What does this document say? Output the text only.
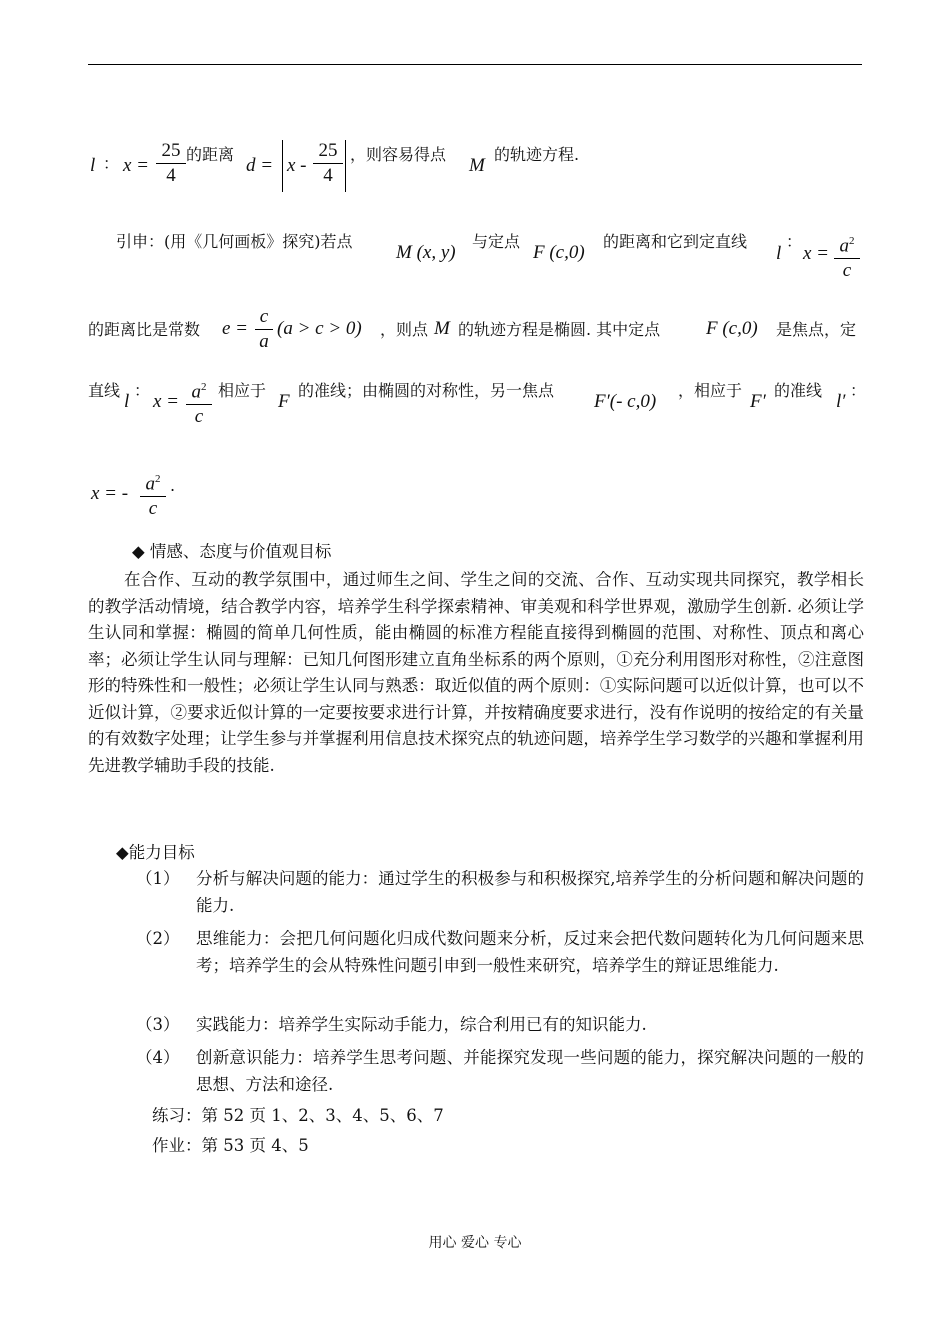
l ： x =
25
4
的距离
d = x -
25
4
，则容易得点
M
的轨迹方程.
引申：(用《几何画板》探究)若点
M (x, y)
与定点
F (c,0)
的距离和它到定直线
l
：
$x = a^2$
c
的距离比是常数 e =
c
a
(a > c > 0) ，则点 M 的轨迹方程是椭圆. 其中定点 F (c,0) 是焦点，定
直线
l
：
$x = a^2$
c
相应于
F
的准线；由椭圆的对称性，另一焦点
F′(- c,0)
，相应于
F′
的准线
l′
：
x = - $a^2$
c
.
◆ 情感、态度与价值观目标
在合作、互动的教学氛围中，通过师生之间、学生之间的交流、合作、互动实现共同探究，教学相长的教学活动情境，结合教学内容，培养学生科学探索精神、审美观和科学世界观，激励学生创新. 必须让学生认同和掌握：椭圆的简单几何性质，能由椭圆的标准方程能直接得到椭圆的范围、对称性、顶点和离心率；必须让学生认同与理解：已知几何图形建立直角坐标系的两个原则，①充分利用图形对称性，②注意图形的特殊性和一般性；必须让学生认同与熟悉：取近似值的两个原则：①实际问题可以近似计算，也可以不近似计算，②要求近似计算的一定要按要求进行计算，并按精确度要求进行，没有作说明的按给定的有关量的有效数字处理；让学生参与并掌握利用信息技术探究点的轨迹问题，培养学生学习数学的兴趣和掌握利用先进教学辅助手段的技能.
◆能力目标
（1） 分析与解决问题的能力：通过学生的积极参与和积极探究,培养学生的分析问题和解决问题的能力.
（2） 思维能力：会把几何问题化归成代数问题来分析，反过来会把代数问题转化为几何问题来思考；培养学生的会从特殊性问题引申到一般性来研究，培养学生的辩证思维能力.
（3） 实践能力：培养学生实际动手能力，综合利用已有的知识能力.
（4） 创新意识能力：培养学生思考问题、并能探究发现一些问题的能力，探究解决问题的一般的思想、方法和途径.
练习：第 52 页 1、2、3、4、5、6、7
作业：第 53 页 4、5
用心 爱心 专心
